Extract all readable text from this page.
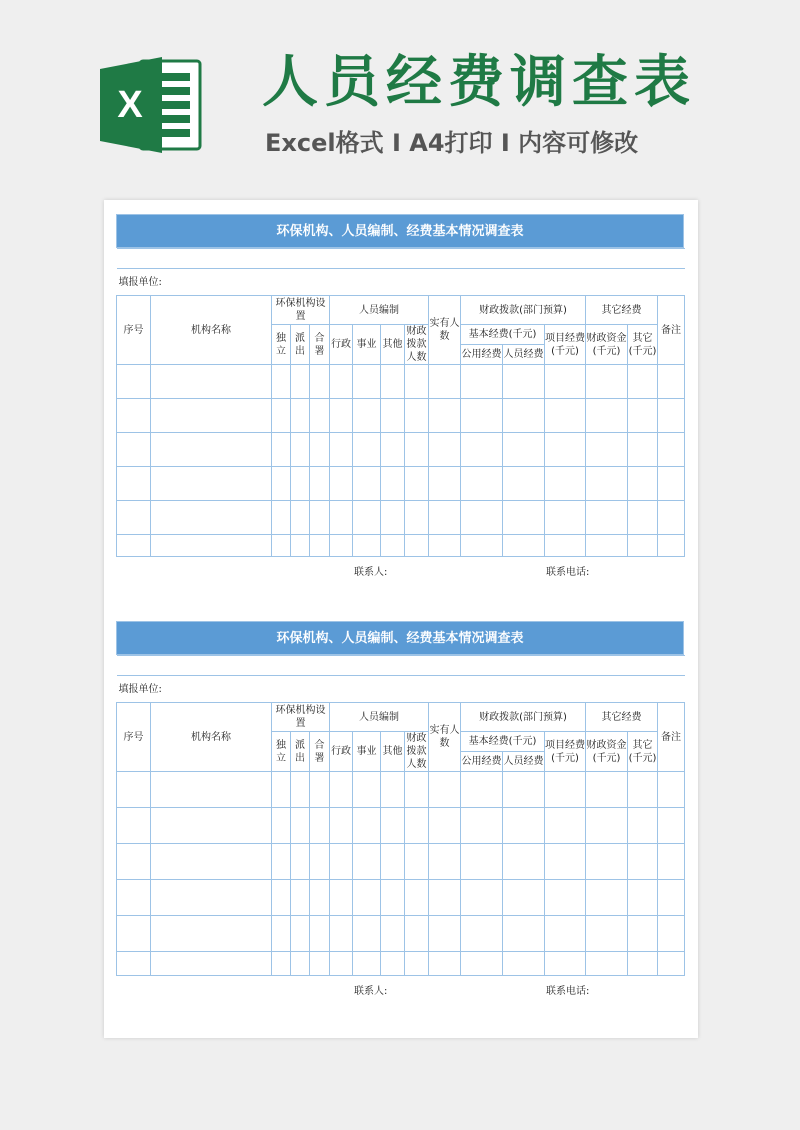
X 人员经费调查表
Excel格式 I A4打印 I 内容可修改
环保机构、人员编制、经费基本情况调查表

填报单位:															
序号	机构名称	环保机构设置			人员编制				实有人数	财政拨款(部门预算)			其它经费		备注
		独立	派出	合署	行政	事业	其他	财政拨款人数		基本经费(千元)		项目经费(千元)	财政资金(千元)	其它(千元)	
										公用经费	人员经费				

联系人:	联系电话:
环保机构、人员编制、经费基本情况调查表

填报单位:															
序号	机构名称	环保机构设置			人员编制				实有人数	财政拨款(部门预算)			其它经费		备注
		独立	派出	合署	行政	事业	其他	财政拨款人数		基本经费(千元)		项目经费(千元)	财政资金(千元)	其它(千元)	
										公用经费	人员经费				

联系人:	联系电话:
